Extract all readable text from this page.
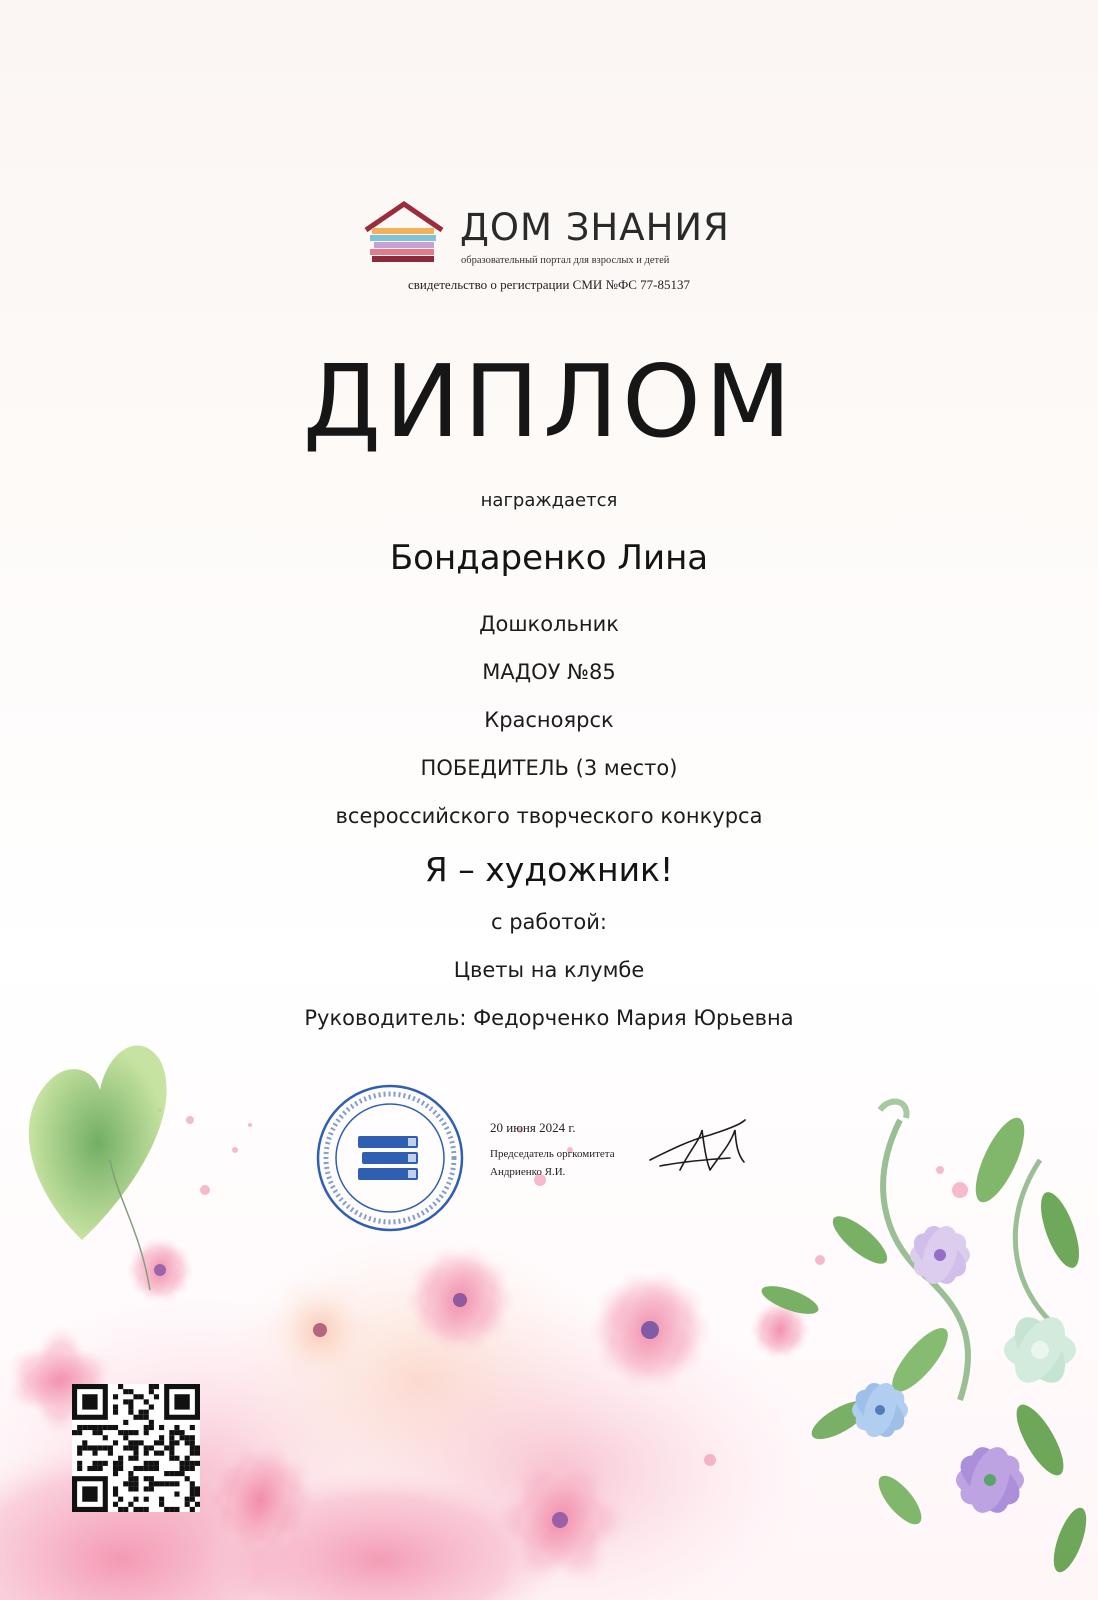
ДОМ ЗНАНИЯ
образовательный портал для взрослых и детей
свидетельство о регистрации СМИ №ФС 77-85137
ДИПЛОМ
награждается
Бондаренко Лина
Дошкольник
МАДОУ №85
Красноярск
ПОБЕДИТЕЛЬ (3 место)
всероссийского творческого конкурса
Я – художник!
с работой:
Цветы на клумбе
Руководитель: Федорченко Мария Юрьевна
20 июня 2024 г.
Председатель оргкомитета
Андриенко Я.И.
